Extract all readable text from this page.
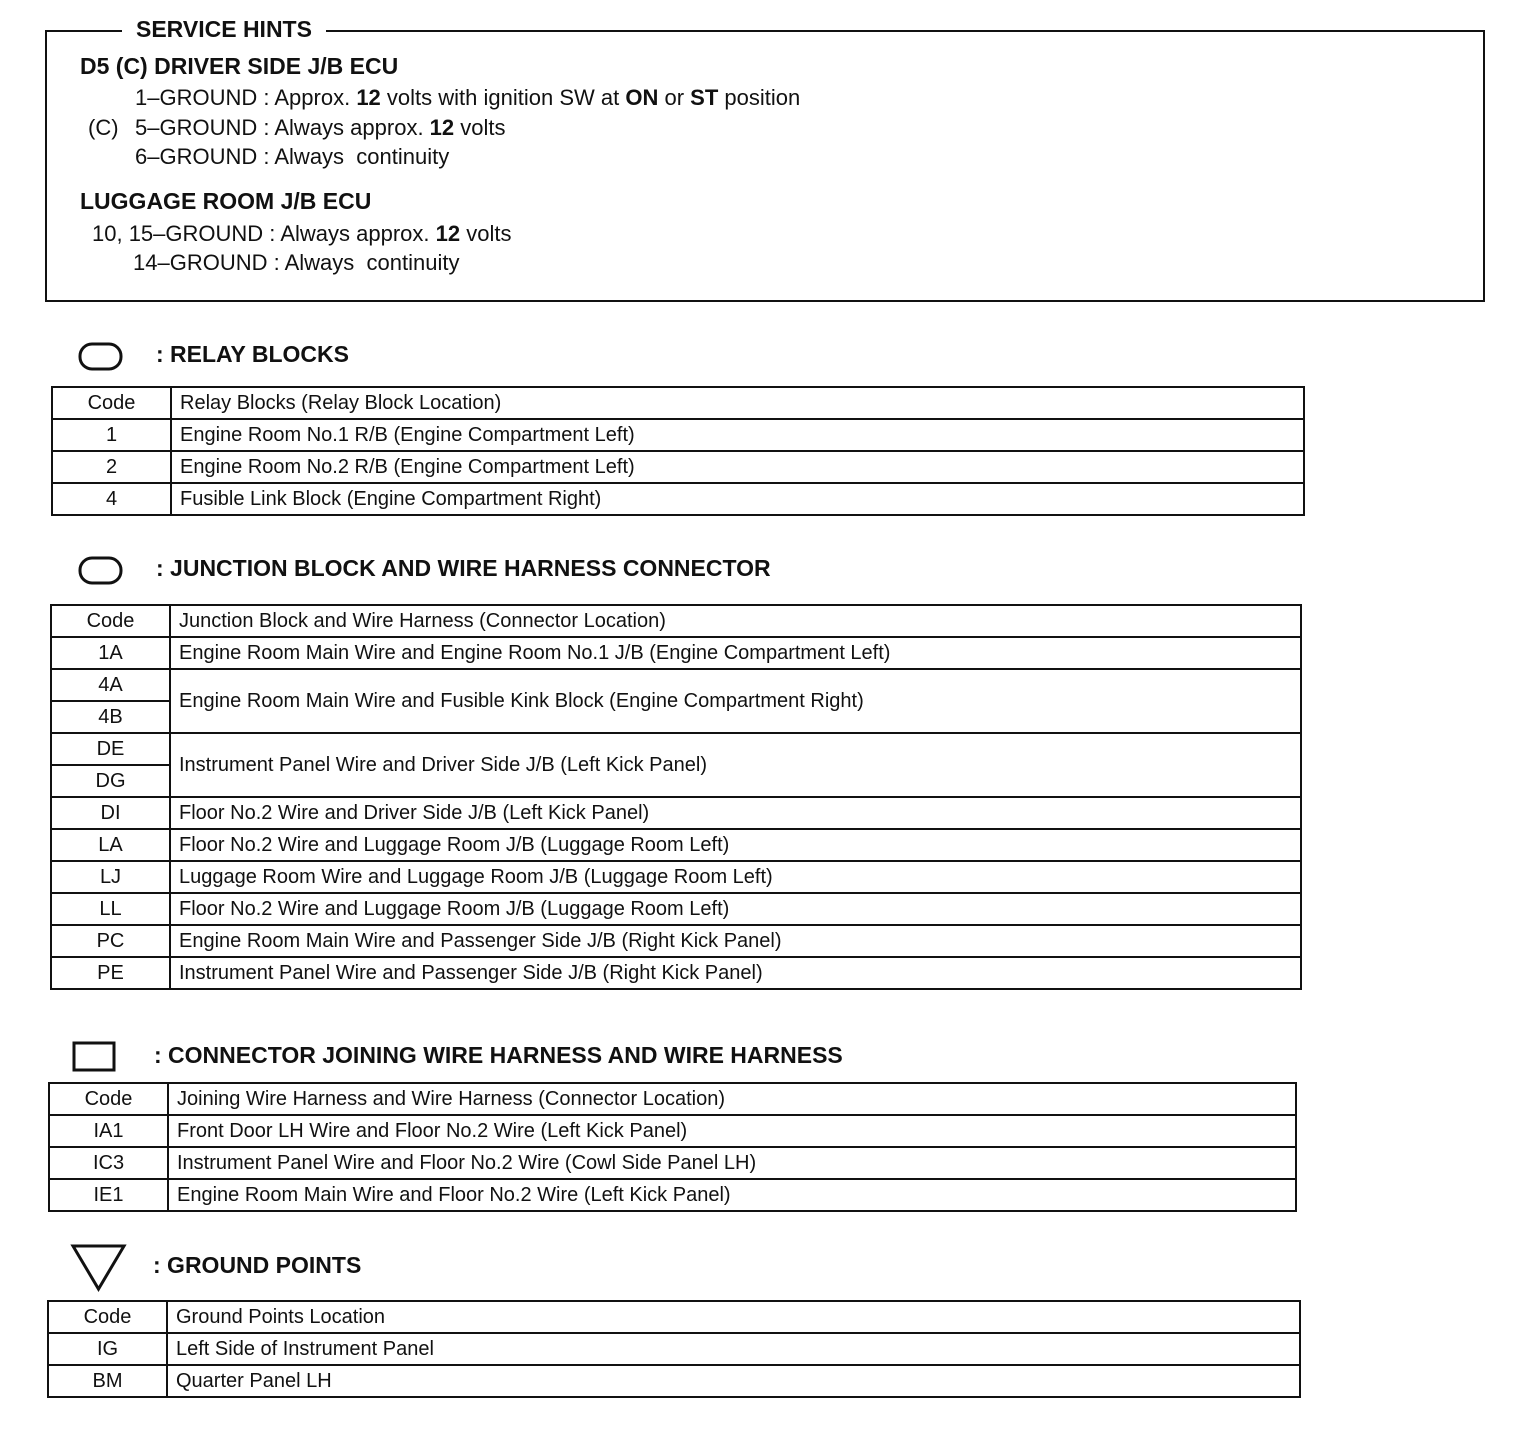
SERVICE HINTS
D5 (C) DRIVER SIDE J/B ECU
(C)
1–GROUND : Approx. 12 volts with ignition SW at ON or ST position
5–GROUND : Always approx. 12 volts
6–GROUND : Always  continuity
LUGGAGE ROOM J/B ECU
10, 15–GROUND : Always approx. 12 volts
14–GROUND : Always  continuity
: RELAY BLOCKS
Code	Relay Blocks (Relay Block Location)
1	Engine Room No.1 R/B (Engine Compartment Left)
2	Engine Room No.2 R/B (Engine Compartment Left)
4	Fusible Link Block (Engine Compartment Right)
: JUNCTION BLOCK AND WIRE HARNESS CONNECTOR
Code	Junction Block and Wire Harness (Connector Location)
1A	Engine Room Main Wire and Engine Room No.1 J/B (Engine Compartment Left)
4A	Engine Room Main Wire and Fusible Kink Block (Engine Compartment Right)
4B	
DE	Instrument Panel Wire and Driver Side J/B (Left Kick Panel)
DG	
DI	Floor No.2 Wire and Driver Side J/B (Left Kick Panel)
LA	Floor No.2 Wire and Luggage Room J/B (Luggage Room Left)
LJ	Luggage Room Wire and Luggage Room J/B (Luggage Room Left)
LL	Floor No.2 Wire and Luggage Room J/B (Luggage Room Left)
PC	Engine Room Main Wire and Passenger Side J/B (Right Kick Panel)
PE	Instrument Panel Wire and Passenger Side J/B (Right Kick Panel)
: CONNECTOR JOINING WIRE HARNESS AND WIRE HARNESS
Code	Joining Wire Harness and Wire Harness (Connector Location)
IA1	Front Door LH Wire and Floor No.2 Wire (Left Kick Panel)
IC3	Instrument Panel Wire and Floor No.2 Wire (Cowl Side Panel LH)
IE1	Engine Room Main Wire and Floor No.2 Wire (Left Kick Panel)
: GROUND POINTS
Code	Ground Points Location
IG	Left Side of Instrument Panel
BM	Quarter Panel LH
